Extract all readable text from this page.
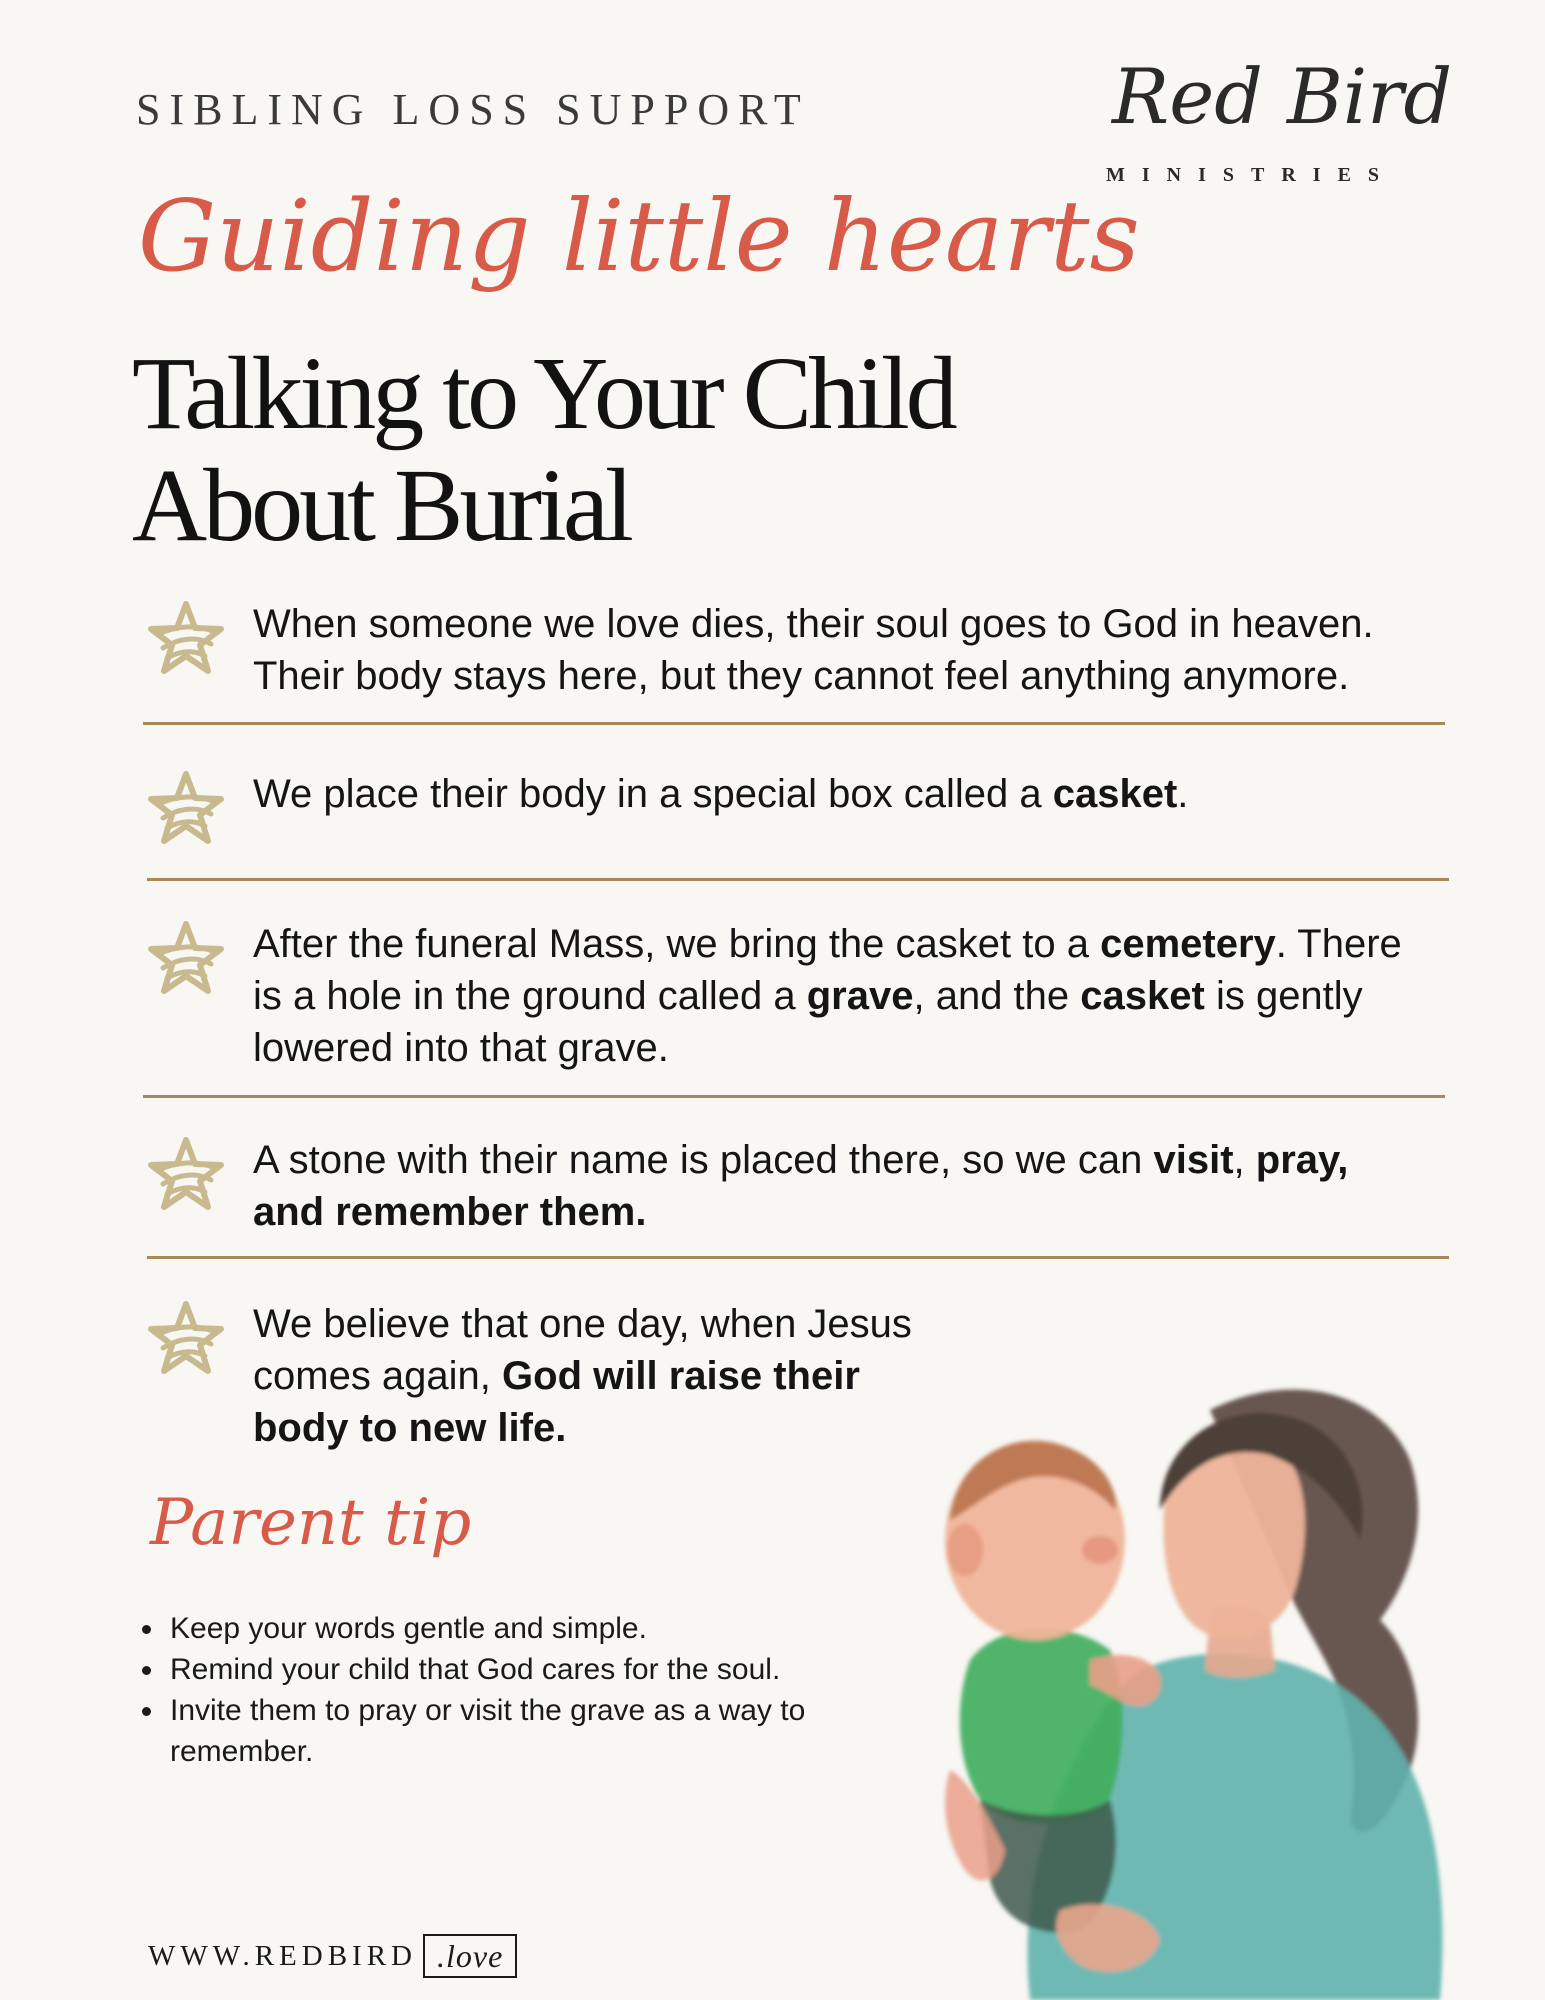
SIBLING LOSS SUPPORT	Red Bird
MINISTRIES
Guiding little hearts
Talking to Your Child
About Burial
When someone we love dies, their soul goes to God in heaven. Their body stays here, but they cannot feel anything anymore.
We place their body in a special box called a casket.
After the funeral Mass, we bring the casket to a cemetery. There is a hole in the ground called a grave, and the casket is gently lowered into that grave.
A stone with their name is placed there, so we can visit, pray, and remember them.
We believe that one day, when Jesus comes again, God will raise their body to new life.
Parent tip
• Keep your words gentle and simple.
• Remind your child that God cares for the soul.
• Invite them to pray or visit the grave as a way to remember.
WWW.REDBIRD .love
